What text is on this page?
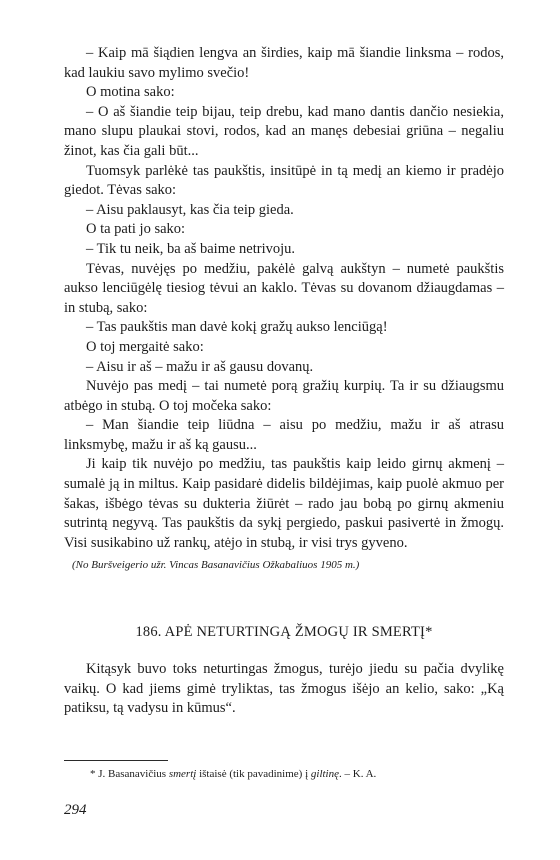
– Kaip mā šiądien lengva an širdies, kaip mā šiandie linksma – rodos, kad laukiu savo mylimo svečio!

O motina sako:

– O aš šiandie teip bijau, teip drebu, kad mano dantis dančio nesiekia, mano slupu plaukai stovi, rodos, kad an manęs debesiai griūna – negaliu žinot, kas čia gali būt...

Tuomsyk parlėkė tas paukštis, insitūpė in tą medį an kiemo ir pradėjo giedot. Tėvas sako:

– Aisu paklausyt, kas čia teip gieda.

O ta pati jo sako:

– Tik tu neik, ba aš baime netrivoju.

Tėvas, nuvėjęs po medžiu, pakėlė galvą aukštyn – numetė paukštis aukso lenciūgėlę tiesiog tėvui an kaklo. Tėvas su dovanom džiaugdamas – in stubą, sako:

– Tas paukštis man davė kokį gražų aukso lenciūgą!

O toj mergaitė sako:

– Aisu ir aš – mažu ir aš gausu dovanų.

Nuvėjo pas medį – tai numetė porą gražių kurpių. Ta ir su džiaugsmu atbėgo in stubą. O toj močeka sako:

– Man šiandie teip liūdna – aisu po medžiu, mažu ir aš atrasu linksmybę, mažu ir aš ką gausu...

Ji kaip tik nuvėjo po medžiu, tas paukštis kaip leido girnų akmenį – sumalė ją in miltus. Kaip pasidarė didelis bildėjimas, kaip puolė akmuo per šakas, išbėgo tėvas su dukteria žiūrėt – rado jau bobą po girnų akmeniu sutrintą negyvą. Tas paukštis da sykį pergiedo, paskui pasivertė in žmogų. Visi susikabino už rankų, atėjo in stubą, ir visi trys gyveno.

(No Buršveigerio užr. Vincas Basanavičius Ožkabaliuos 1905 m.)
186. APĖ NETURTINGĄ ŽMOGŲ IR SMERTĮ*

Kitąsyk buvo toks neturtingas žmogus, turėjo jiedu su pačia dvylikę vaikų. O kad jiems gimė tryliktas, tas žmogus išėjo an kelio, sako: „Ką patiksu, tą vadysu in kūmus“.

* J. Basanavičius smertį ištaisė (tik pavadinime) į giltinę. – K. A.
294
